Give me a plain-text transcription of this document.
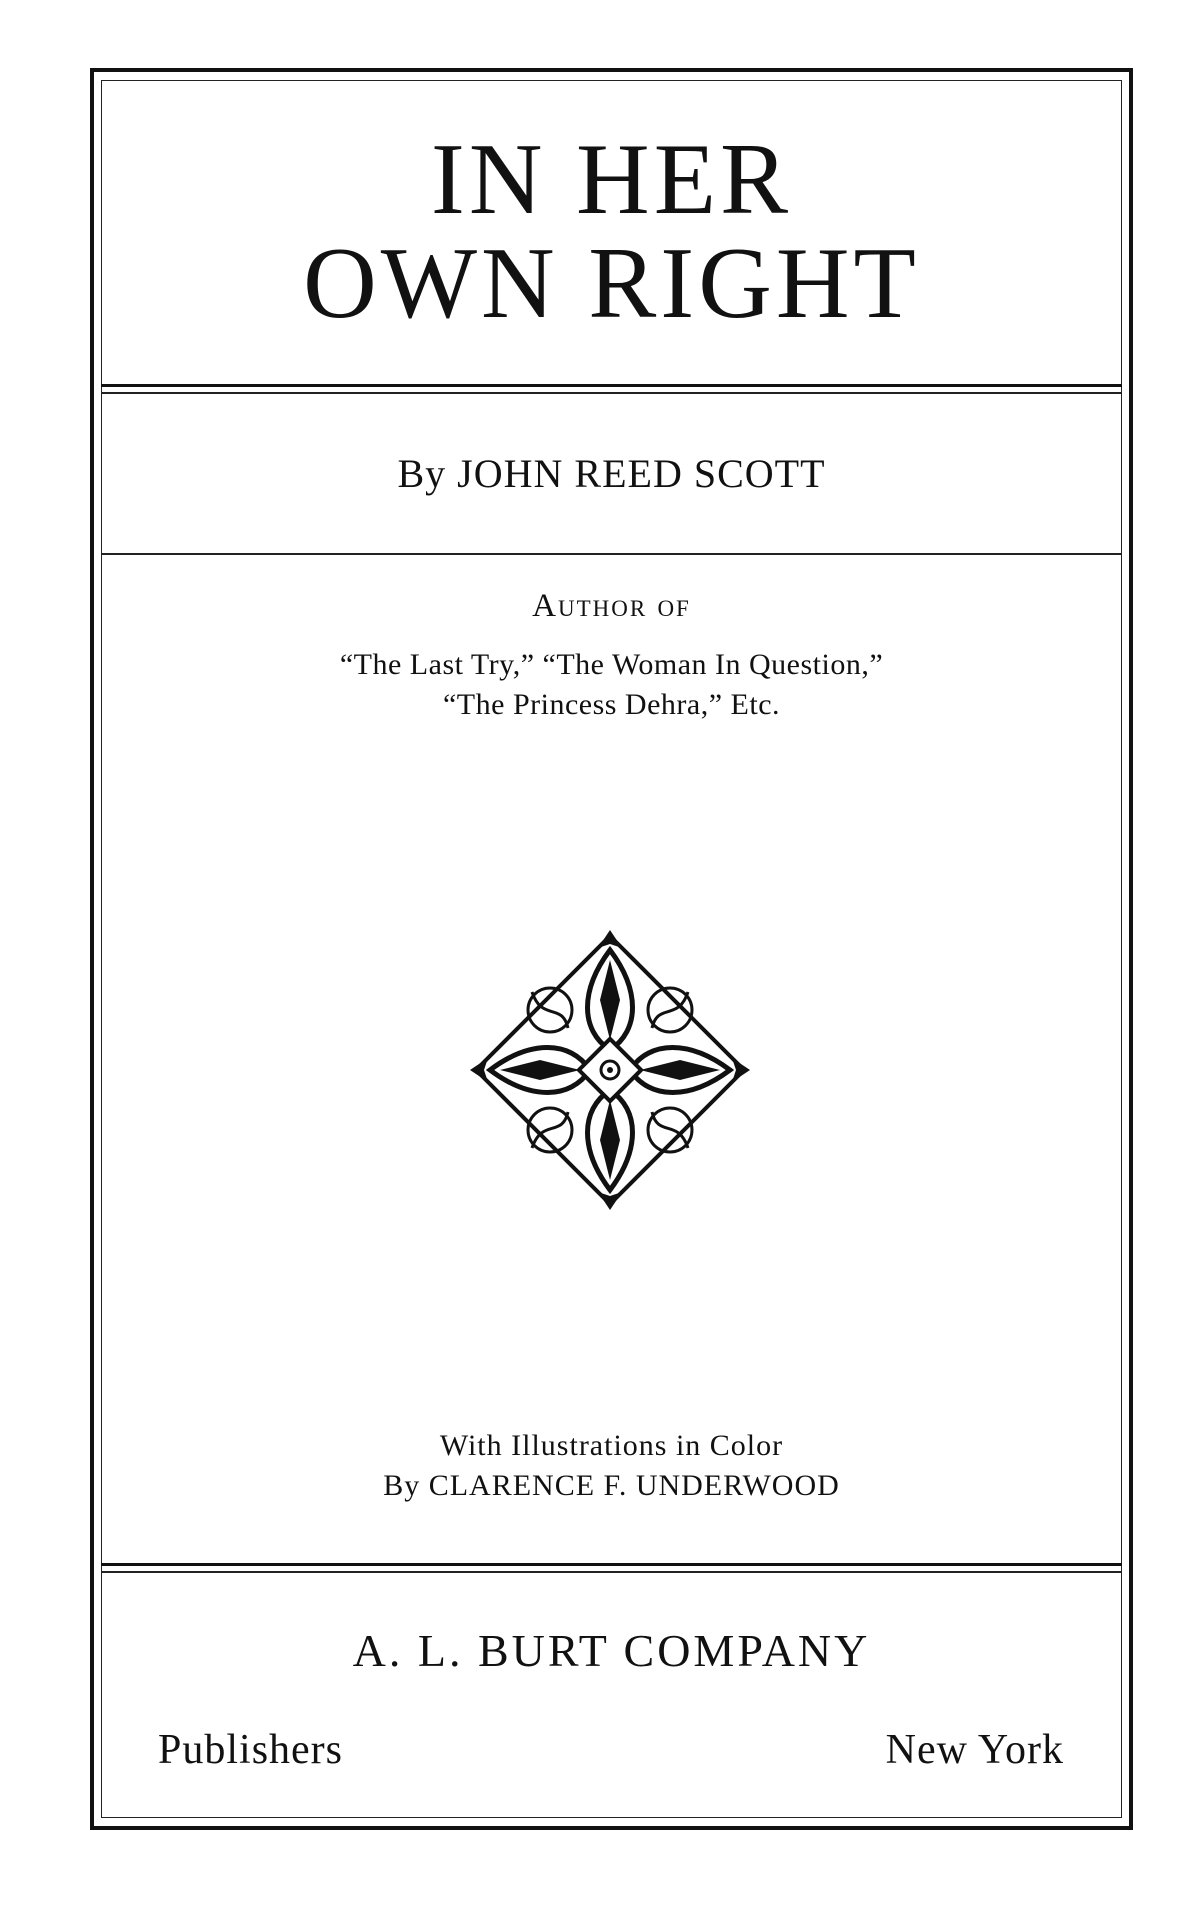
IN HER
OWN RIGHT
By JOHN REED SCOTT
Author of
“The Last Try,” “The Woman In Question,”
“The Princess Dehra,” Etc.
With Illustrations in Color
By CLARENCE F. UNDERWOOD
A. L. BURT COMPANY
Publishers	New York
